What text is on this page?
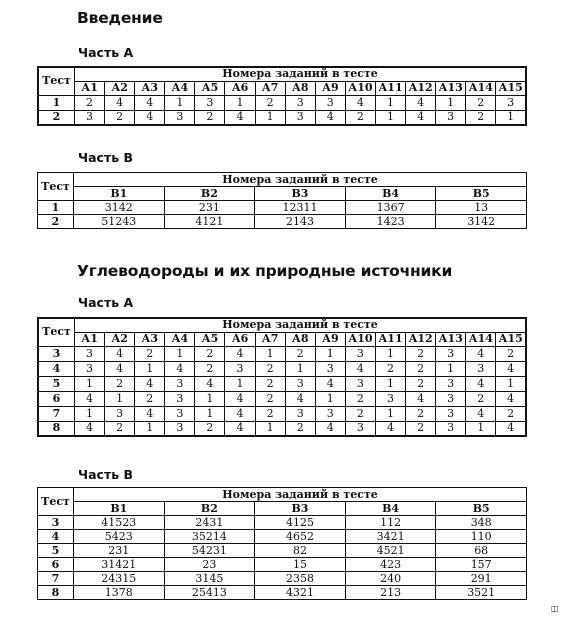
Введение
Часть А
Тест	Номера заданий в тесте														
	А1	А2	А3	А4	А5	А6	А7	А8	А9	А10	А11	А12	А13	А14	А15
1	2	4	4	1	3	1	2	3	3	4	1	4	1	2	3
2	3	2	4	3	2	4	1	3	4	2	1	4	3	2	1
Часть В
Тест	Номера заданий в тесте				
	В1	В2	В3	В4	В5
1	3142	231	12311	1367	13
2	51243	4121	2143	1423	3142
Углеводороды и их природные источники
Часть А
Тест	Номера заданий в тесте														
	А1	А2	А3	А4	А5	А6	А7	А8	А9	А10	А11	А12	А13	А14	А15
3	3	4	2	1	2	4	1	2	1	3	1	2	3	4	2
4	3	4	1	4	2	3	2	1	3	4	2	2	1	3	4
5	1	2	4	3	4	1	2	3	4	3	1	2	3	4	1
6	4	1	2	3	1	4	2	4	1	2	3	4	3	2	4
7	1	3	4	3	1	4	2	3	3	2	1	2	3	4	2
8	4	2	1	3	2	4	1	2	4	3	4	2	3	1	4
Часть В
Тест	Номера заданий в тесте				
	В1	В2	В3	В4	В5
3	41523	2431	4125	112	348
4	5423	35214	4652	3421	110
5	231	54231	82	4521	68
6	31421	23	15	423	157
7	24315	3145	2358	240	291
8	1378	25413	4321	213	3521
◫
